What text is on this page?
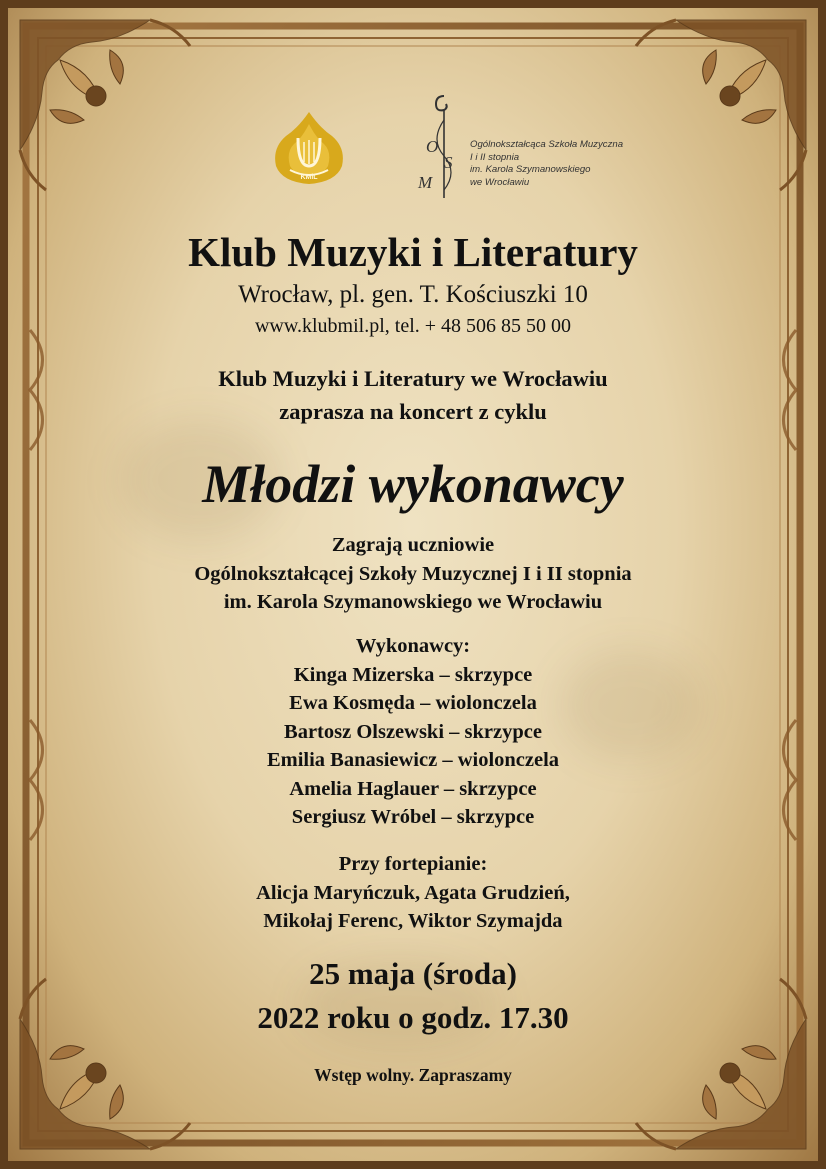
KMiL
O
S
M
Ogólnokształcąca Szkoła Muzyczna
I i II stopnia
im. Karola Szymanowskiego
we Wrocławiu
Klub Muzyki i Literatury
Wrocław, pl. gen. T. Kościuszki 10
www.klubmil.pl, tel. + 48 506 85 50 00
Klub Muzyki i Literatury we Wrocławiu
zaprasza na koncert z cyklu
Młodzi wykonawcy
Zagrają uczniowie
Ogólnokształcącej Szkoły Muzycznej I i II stopnia
im. Karola Szymanowskiego we Wrocławiu
Wykonawcy:
Kinga Mizerska – skrzypce
Ewa Kosmęda – wiolonczela
Bartosz Olszewski – skrzypce
Emilia Banasiewicz – wiolonczela
Amelia Haglauer – skrzypce
Sergiusz Wróbel – skrzypce
Przy fortepianie:
Alicja Maryńczuk, Agata Grudzień,
Mikołaj Ferenc, Wiktor Szymajda
25 maja (środa)
2022 roku o godz. 17.30
Wstęp wolny. Zapraszamy
